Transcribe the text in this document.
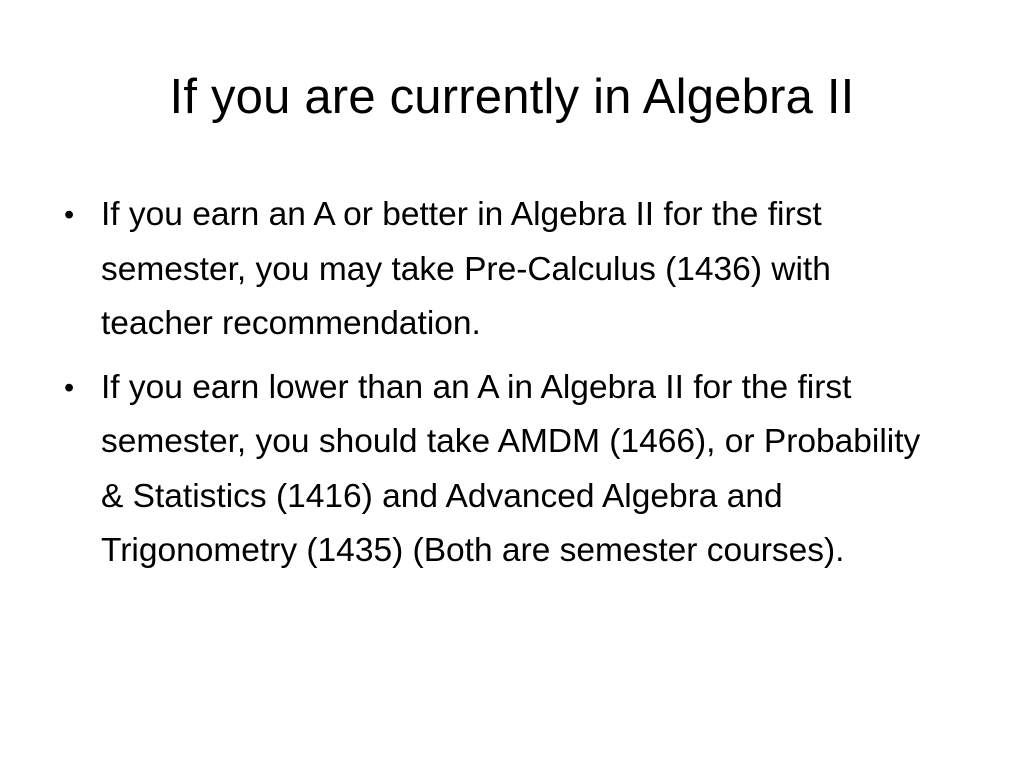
If you are currently in Algebra II
• If you earn an A or better in Algebra II for the first semester, you may take Pre-Calculus (1436) with teacher recommendation.
• If you earn lower than an A in Algebra II for the first semester, you should take AMDM (1466), or Probability & Statistics (1416) and Advanced Algebra and Trigonometry (1435) (Both are semester courses).
